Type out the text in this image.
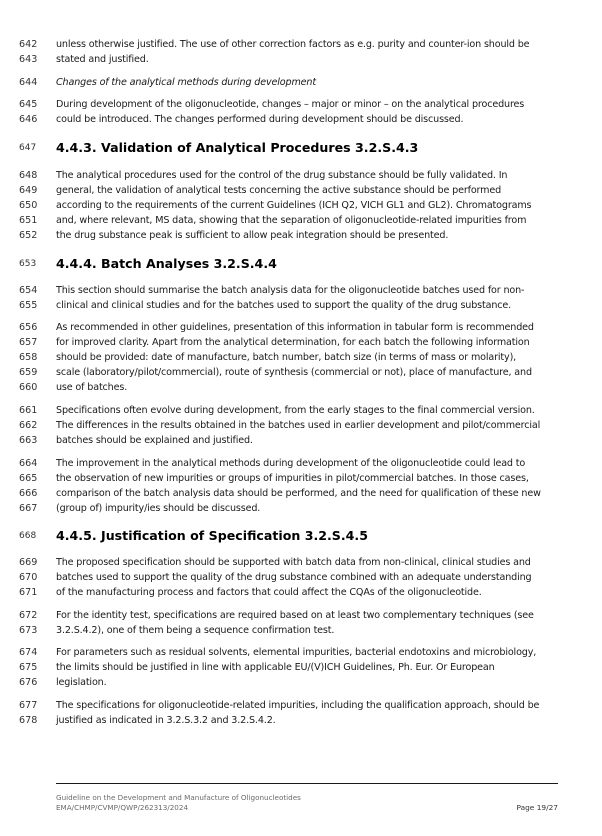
642	unless otherwise justified. The use of other correction factors as e.g. purity and counter-ion should be
643	stated and justified.
644	Changes of the analytical methods during development
645	During development of the oligonucleotide, changes – major or minor – on the analytical procedures
646	could be introduced. The changes performed during development should be discussed.
647	4.4.3. Validation of Analytical Procedures 3.2.S.4.3
648	The analytical procedures used for the control of the drug substance should be fully validated. In
649	general, the validation of analytical tests concerning the active substance should be performed
650	according to the requirements of the current Guidelines (ICH Q2, VICH GL1 and GL2). Chromatograms
651	and, where relevant, MS data, showing that the separation of oligonucleotide-related impurities from
652	the drug substance peak is sufficient to allow peak integration should be presented.
653	4.4.4. Batch Analyses 3.2.S.4.4
654	This section should summarise the batch analysis data for the oligonucleotide batches used for non-
655	clinical and clinical studies and for the batches used to support the quality of the drug substance.
656	As recommended in other guidelines, presentation of this information in tabular form is recommended
657	for improved clarity. Apart from the analytical determination, for each batch the following information
658	should be provided: date of manufacture, batch number, batch size (in terms of mass or molarity),
659	scale (laboratory/pilot/commercial), route of synthesis (commercial or not), place of manufacture, and
660	use of batches.
661	Specifications often evolve during development, from the early stages to the final commercial version.
662	The differences in the results obtained in the batches used in earlier development and pilot/commercial
663	batches should be explained and justified.
664	The improvement in the analytical methods during development of the oligonucleotide could lead to
665	the observation of new impurities or groups of impurities in pilot/commercial batches. In those cases,
666	comparison of the batch analysis data should be performed, and the need for qualification of these new
667	(group of) impurity/ies should be discussed.
668	4.4.5. Justification of Specification 3.2.S.4.5
669	The proposed specification should be supported with batch data from non-clinical, clinical studies and
670	batches used to support the quality of the drug substance combined with an adequate understanding
671	of the manufacturing process and factors that could affect the CQAs of the oligonucleotide.
672	For the identity test, specifications are required based on at least two complementary techniques (see
673	3.2.S.4.2), one of them being a sequence confirmation test.
674	For parameters such as residual solvents, elemental impurities, bacterial endotoxins and microbiology,
675	the limits should be justified in line with applicable EU/(V)ICH Guidelines, Ph. Eur. Or European
676	legislation.
677	The specifications for oligonucleotide-related impurities, including the qualification approach, should be
678	justified as indicated in 3.2.S.3.2 and 3.2.S.4.2.
Guideline on the Development and Manufacture of Oligonucleotides
EMA/CHMP/CVMP/QWP/262313/2024	Page 19/27
